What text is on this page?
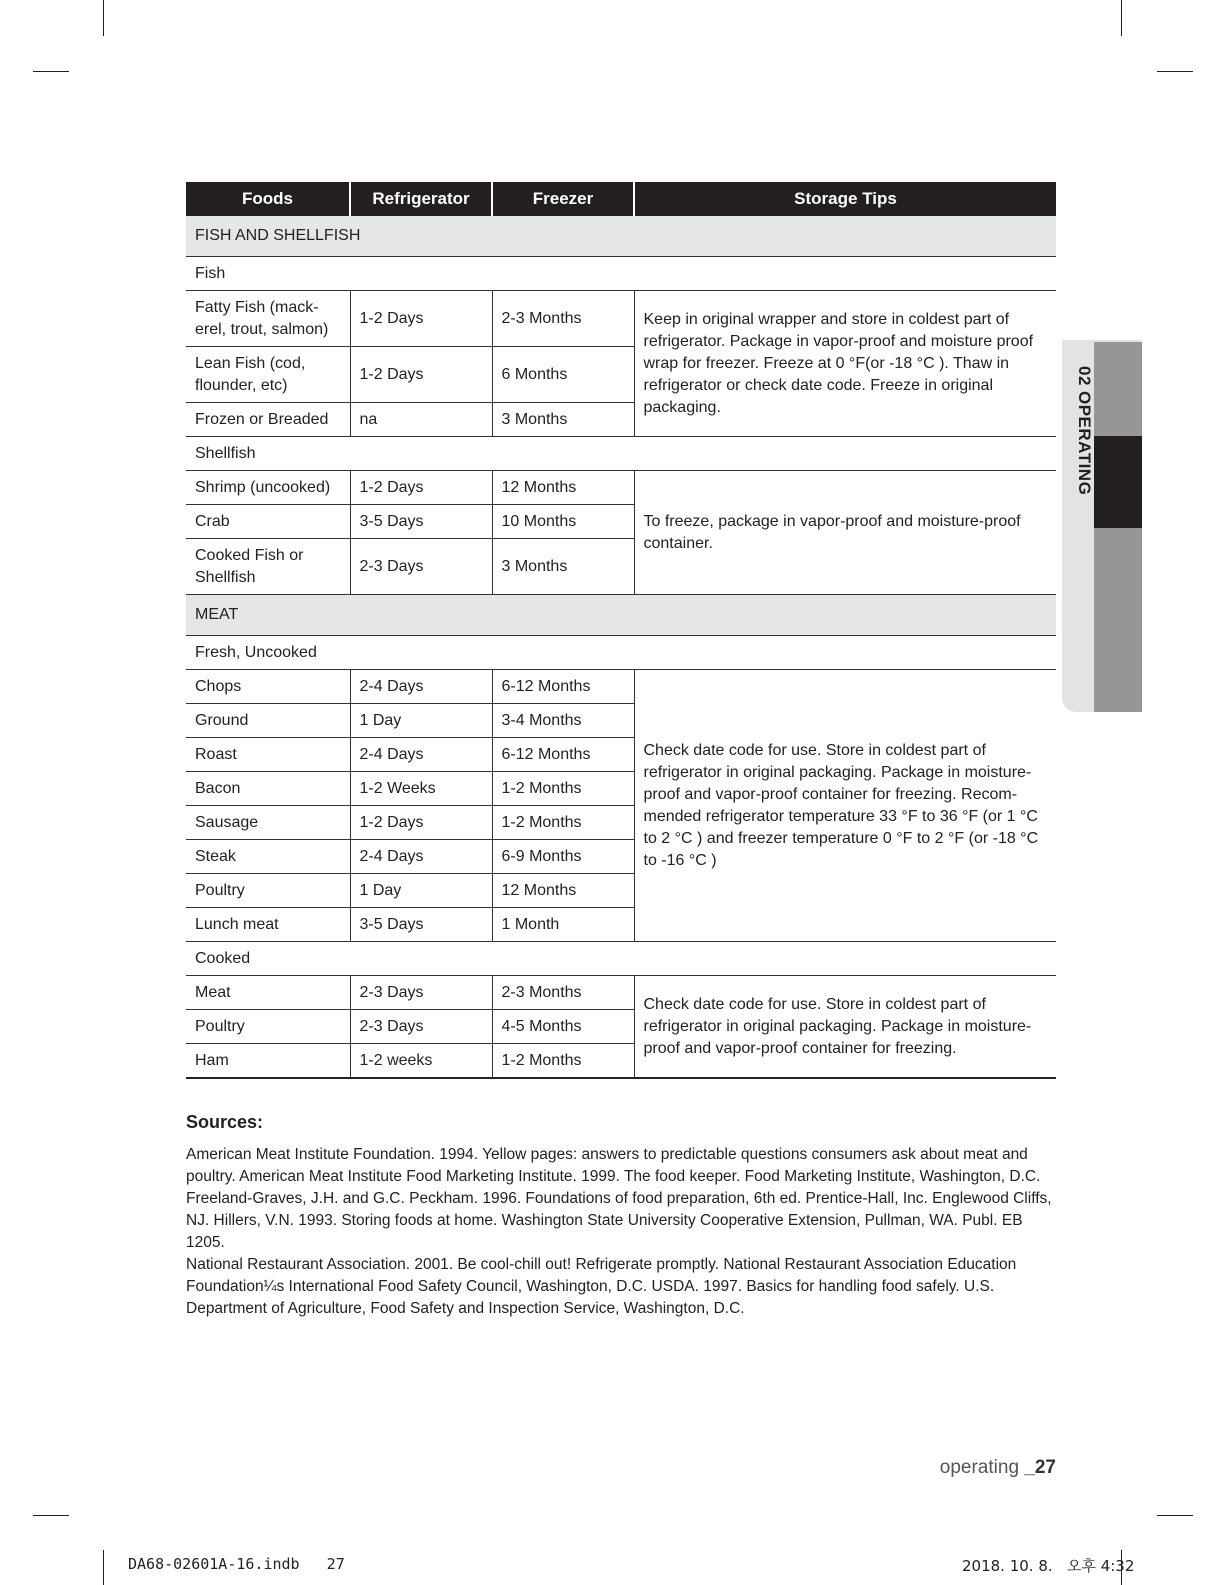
02

OPERATING
Foods	Refrigerator	Freezer	Storage Tips
FISH AND SHELLFISH			
Fish			
Fatty Fish (mack-erel, trout, salmon)	1-2 Days	2-3 Months	Keep in original wrapper and store in coldest part of refrigerator. Package in vapor-proof and moisture proof wrap for freezer. Freeze at 0 °F(or -18 °C ). Thaw in refrigerator or check date code. Freeze in original packaging.
Lean Fish (cod, flounder, etc)	1-2 Days	6 Months	
Frozen or Breaded	na	3 Months	
Shellfish			
Shrimp (uncooked)	1-2 Days	12 Months	To freeze, package in vapor-proof and moisture-proof container.
Crab	3-5 Days	10 Months	
Cooked Fish or Shellfish	2-3 Days	3 Months	
MEAT			
Fresh, Uncooked			
Chops	2-4 Days	6-12 Months	Check date code for use. Store in coldest part of refrigerator in original packaging. Package in moisture-proof and vapor-proof container for freezing. Recom-mended refrigerator temperature 33 °F to 36 °F (or 1 °C to 2 °C ) and freezer temperature 0 °F to 2 °F (or -18 °C to -16 °C )
Ground	1 Day	3-4 Months	
Roast	2-4 Days	6-12 Months	
Bacon	1-2 Weeks	1-2 Months	
Sausage	1-2 Days	1-2 Months	
Steak	2-4 Days	6-9 Months	
Poultry	1 Day	12 Months	
Lunch meat	3-5 Days	1 Month	
Cooked			
Meat	2-3 Days	2-3 Months	Check date code for use. Store in coldest part of refrigerator in original packaging. Package in moisture-proof and vapor-proof container for freezing.
Poultry	2-3 Days	4-5 Months	
Ham	1-2 weeks	1-2 Months	
Sources:
American Meat Institute Foundation. 1994. Yellow pages: answers to predictable questions consumers ask about meat and poultry. American Meat Institute Food Marketing Institute. 1999. The food keeper. Food Marketing Institute, Washington, D.C. Freeland-Graves, J.H. and G.C. Peckham. 1996. Foundations of food preparation, 6th ed. Prentice-Hall, Inc. Englewood Cliffs, NJ. Hillers, V.N. 1993. Storing foods at home. Washington State University Cooperative Extension, Pullman, WA. Publ. EB 1205.
National Restaurant Association. 2001. Be cool-chill out! Refrigerate promptly. National Restaurant Association Education Foundation¼s International Food Safety Council, Washington, D.C. USDA. 1997. Basics for handling food safely. U.S. Department of Agriculture, Food Safety and Inspection Service, Washington, D.C.
operating _27
DA68-02601A-16.indb   27	2018. 10. 8.   오후 4:32
